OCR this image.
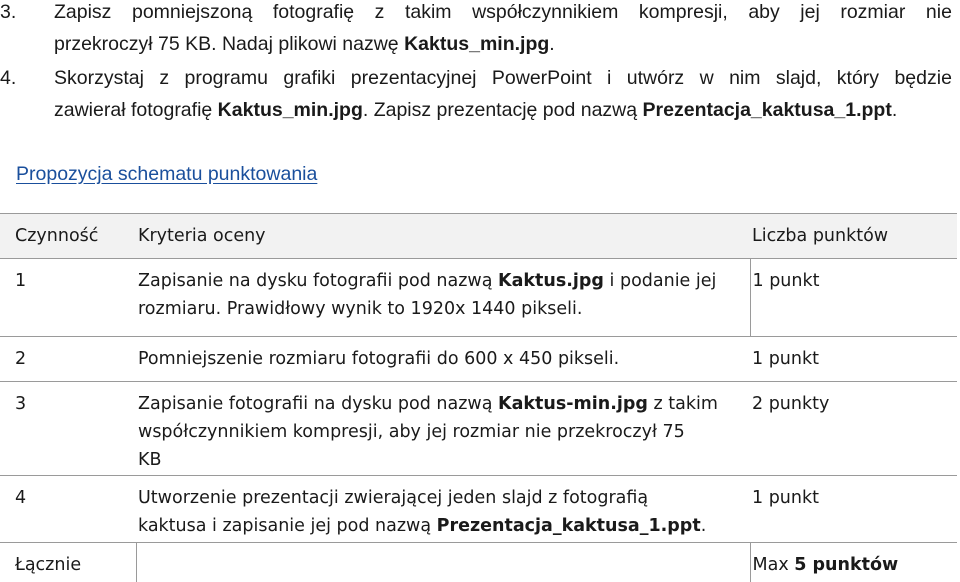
3. Zapisz pomniejszoną fotografię z takim współczynnikiem kompresji, aby jej rozmiar nie
przekroczył 75 KB. Nadaj plikowi nazwę Kaktus_min.jpg.
4. Skorzystaj z programu grafiki prezentacyjnej PowerPoint i utwórz w nim slajd, który będzie
zawierał fotografię Kaktus_min.jpg. Zapisz prezentację pod nazwą Prezentacja_kaktusa_1.ppt.
Propozycja schematu punktowania
Czynność	Kryteria oceny	Liczba punktów
1	Zapisanie na dysku fotografii pod nazwą Kaktus.jpg i podanie jej
rozmiaru. Prawidłowy wynik to 1920x 1440 pikseli.	1 punkt
2	Pomniejszenie rozmiaru fotografii do 600 x 450 pikseli.	1 punkt
3	Zapisanie fotografii na dysku pod nazwą Kaktus-min.jpg z takim
współczynnikiem kompresji, aby jej rozmiar nie przekroczył 75
KB	2 punkty
4	Utworzenie prezentacji zwierającej jeden slajd z fotografią
kaktusa i zapisanie jej pod nazwą Prezentacja_kaktusa_1.ppt.	1 punkt
Łącznie		Max 5 punktów
